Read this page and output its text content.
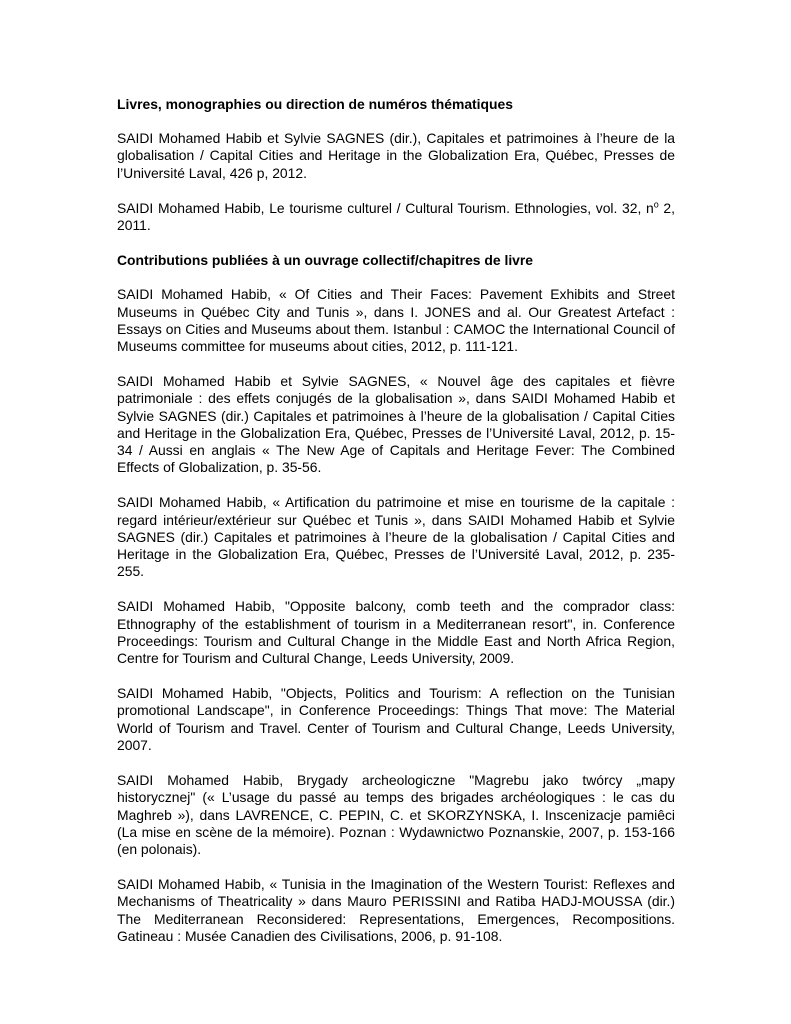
Livres, monographies ou direction de numéros thématiques

SAIDI Mohamed Habib et Sylvie SAGNES (dir.), Capitales et patrimoines à l’heure de la globalisation / Capital Cities and Heritage in the Globalization Era, Québec, Presses de l’Université Laval, 426 p, 2012.

SAIDI Mohamed Habib, Le tourisme culturel / Cultural Tourism. Ethnologies, vol. 32, $n^o$ 2, 2011.

Contributions publiées à un ouvrage collectif/chapitres de livre

SAIDI Mohamed Habib, « Of Cities and Their Faces: Pavement Exhibits and Street Museums in Québec City and Tunis », dans I. JONES and al. Our Greatest Artefact : Essays on Cities and Museums about them. Istanbul : CAMOC the International Council of Museums committee for museums about cities, 2012, p. 111-121.

SAIDI Mohamed Habib et Sylvie SAGNES, « Nouvel âge des capitales et fièvre patrimoniale : des effets conjugés de la globalisation », dans SAIDI Mohamed Habib et Sylvie SAGNES (dir.) Capitales et patrimoines à l’heure de la globalisation / Capital Cities and Heritage in the Globalization Era, Québec, Presses de l’Université Laval, 2012, p. 15-34 / Aussi en anglais « The New Age of Capitals and Heritage Fever: The Combined Effects of Globalization, p. 35-56.

SAIDI Mohamed Habib, « Artification du patrimoine et mise en tourisme de la capitale : regard intérieur/extérieur sur Québec et Tunis », dans SAIDI Mohamed Habib et Sylvie SAGNES (dir.) Capitales et patrimoines à l’heure de la globalisation / Capital Cities and Heritage in the Globalization Era, Québec, Presses de l’Université Laval, 2012, p. 235-255.

SAIDI Mohamed Habib, "Opposite balcony, comb teeth and the comprador class: Ethnography of the establishment of tourism in a Mediterranean resort", in. Conference Proceedings: Tourism and Cultural Change in the Middle East and North Africa Region, Centre for Tourism and Cultural Change, Leeds University, 2009.

SAIDI Mohamed Habib, "Objects, Politics and Tourism: A reflection on the Tunisian promotional Landscape", in Conference Proceedings: Things That move: The Material World of Tourism and Travel. Center of Tourism and Cultural Change, Leeds University, 2007.

SAIDI Mohamed Habib, Brygady archeologiczne "Magrebu jako twórcy „mapy historycznej" (« L’usage du passé au temps des brigades archéologiques : le cas du Maghreb »), dans LAVRENCE, C. PEPIN, C. et SKORZYNSKA, I. Inscenizacje pamiêci (La mise en scène de la mémoire). Poznan : Wydawnictwo Poznanskie, 2007, p. 153-166 (en polonais).

SAIDI Mohamed Habib, « Tunisia in the Imagination of the Western Tourist: Reflexes and Mechanisms of Theatricality » dans Mauro PERISSINI and Ratiba HADJ-MOUSSA (dir.) The Mediterranean Reconsidered: Representations, Emergences, Recompositions. Gatineau : Musée Canadien des Civilisations, 2006, p. 91-108.
